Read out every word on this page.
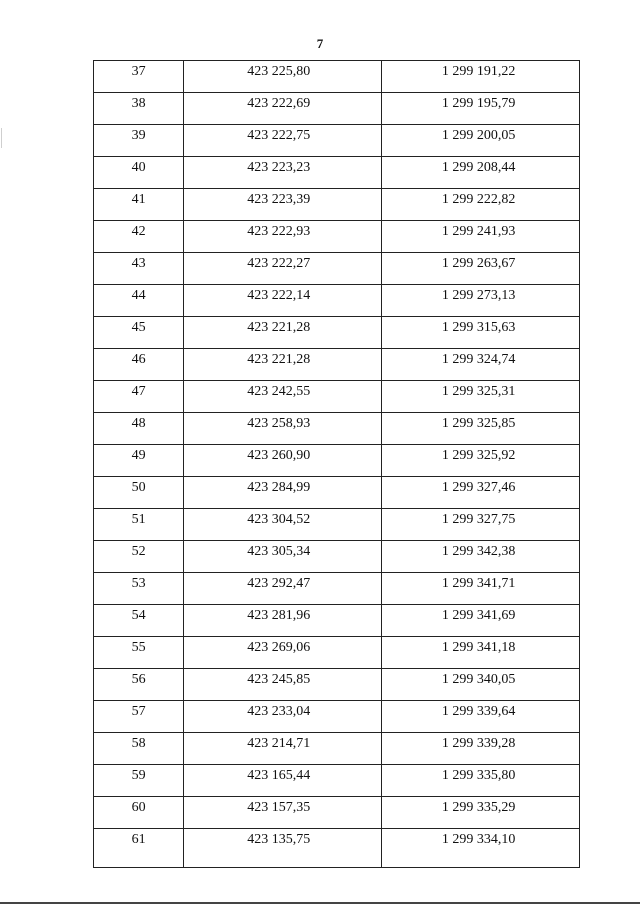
7
37	423 225,80	1 299 191,22
38	423 222,69	1 299 195,79
39	423 222,75	1 299 200,05
40	423 223,23	1 299 208,44
41	423 223,39	1 299 222,82
42	423 222,93	1 299 241,93
43	423 222,27	1 299 263,67
44	423 222,14	1 299 273,13
45	423 221,28	1 299 315,63
46	423 221,28	1 299 324,74
47	423 242,55	1 299 325,31
48	423 258,93	1 299 325,85
49	423 260,90	1 299 325,92
50	423 284,99	1 299 327,46
51	423 304,52	1 299 327,75
52	423 305,34	1 299 342,38
53	423 292,47	1 299 341,71
54	423 281,96	1 299 341,69
55	423 269,06	1 299 341,18
56	423 245,85	1 299 340,05
57	423 233,04	1 299 339,64
58	423 214,71	1 299 339,28
59	423 165,44	1 299 335,80
60	423 157,35	1 299 335,29
61	423 135,75	1 299 334,10
